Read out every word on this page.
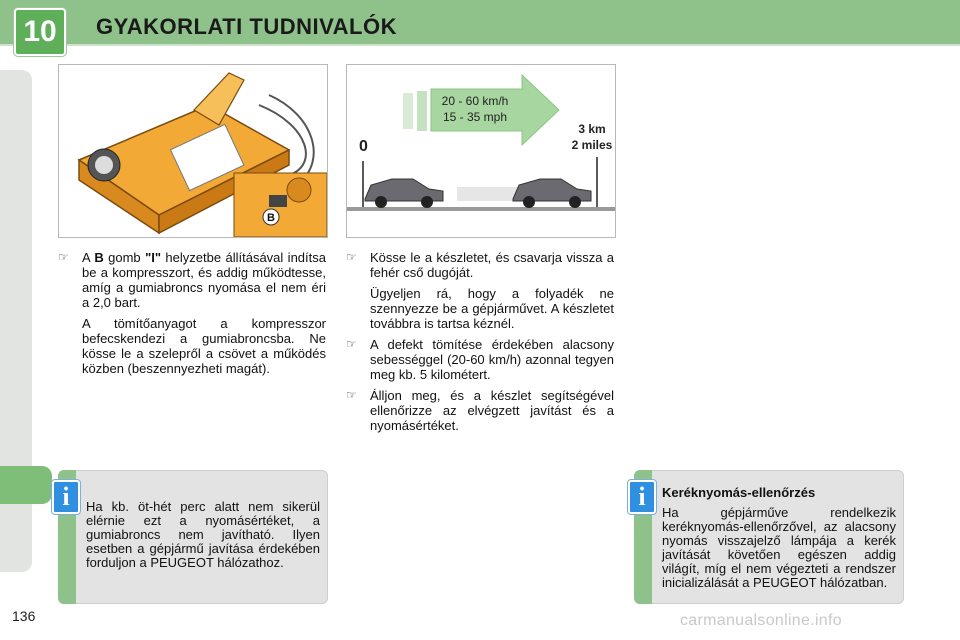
10	GYAKORLATI TUDNIVALÓK
136
B
20 - 60 km/h
15 - 35 mph
0
3 km
2 miles
☞ A B gomb "I" helyzetbe állításával indítsa be a kompresszort, és addig működtesse, amíg a gumiabroncs nyomása el nem éri a 2,0 bart.

A tömítőanyagot a kompresszor befecskendezi a gumiabroncsba. Ne kösse le a szelepről a csövet a működés közben (beszennyezheti magát).

☞ Kösse le a készletet, és csavarja vissza a fehér cső dugóját.

Ügyeljen rá, hogy a folyadék ne szennyezze be a gépjárművet. A készletet továbbra is tartsa kéznél.

☞ A defekt tömítése érdekében alacsony sebességgel (20-60 km/h) azonnal tegyen meg kb. 5 kilométert.

☞ Álljon meg, és a készlet segítségével ellenőrizze az elvégzett javítást és a nyomásértéket.

i	Ha kb. öt-hét perc alatt nem sikerül elérnie ezt a nyomásértéket, a gumiabroncs nem javítható. Ilyen esetben a gépjármű javítása érdekében forduljon a PEUGEOT hálózathoz.
i	Keréknyomás-ellenőrzés
Ha gépjárműve rendelkezik keréknyomás-ellenőrzővel, az alacsony nyomás visszajelző lámpája a kerék javítását követően egészen addig világít, míg el nem végezteti a rendszer inicializálását a PEUGEOT hálózatban.
carmanualsonline.info
